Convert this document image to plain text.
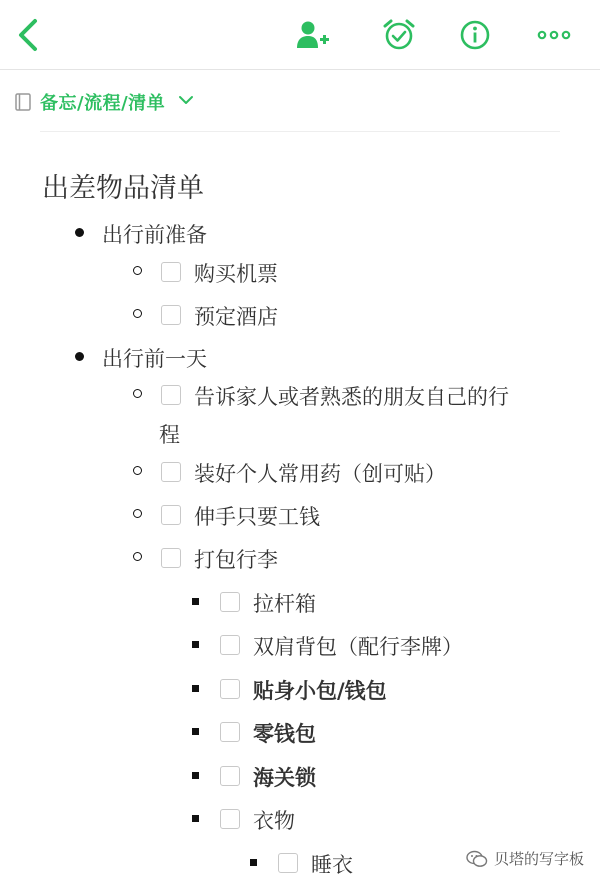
备忘/流程/清单
出差物品清单
出行前准备
购买机票
预定酒店
出行前一天
告诉家人或者熟悉的朋友自己的行
程
装好个人常用药（创可贴）
伸手只要工钱
打包行李
拉杆箱
双肩背包（配行李牌）
贴身小包/钱包
零钱包
海关锁
衣物
睡衣	贝塔的写字板
